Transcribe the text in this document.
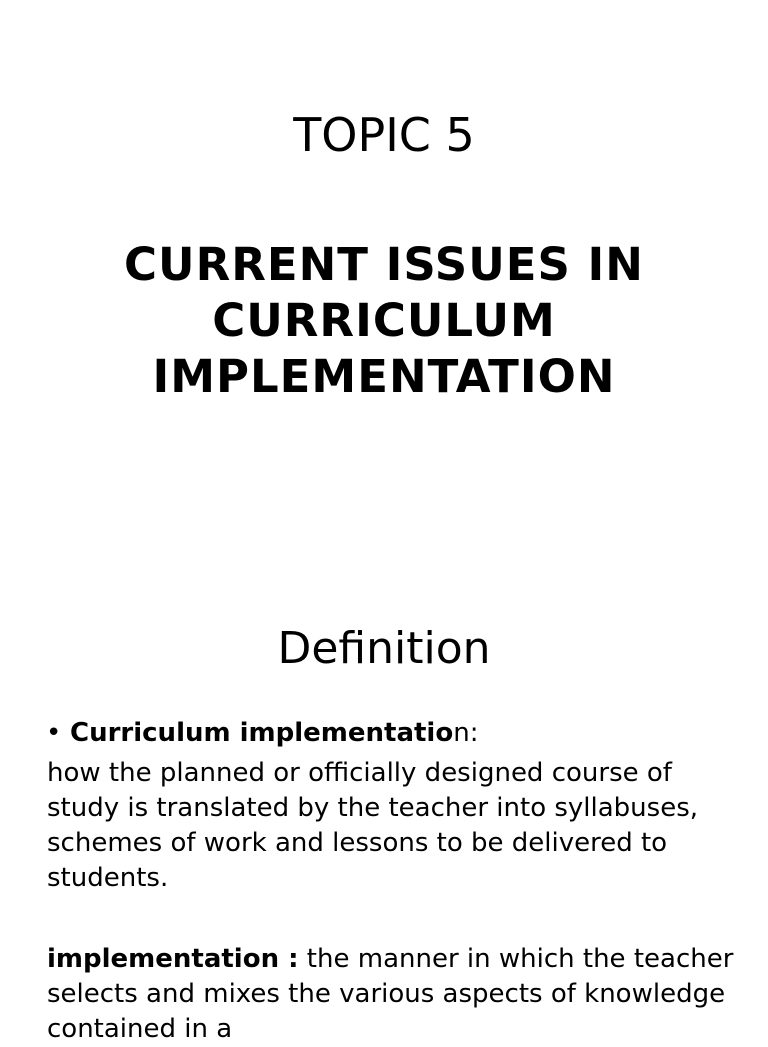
TOPIC 5
CURRENT ISSUES IN
CURRICULUM
IMPLEMENTATION
Definition
• Curriculum implementation:

how the planned or officially designed course of study is translated by the teacher into syllabuses, schemes of work and lessons to be delivered to students.

implementation : the manner in which the teacher selects and mixes the various aspects of knowledge contained in a
